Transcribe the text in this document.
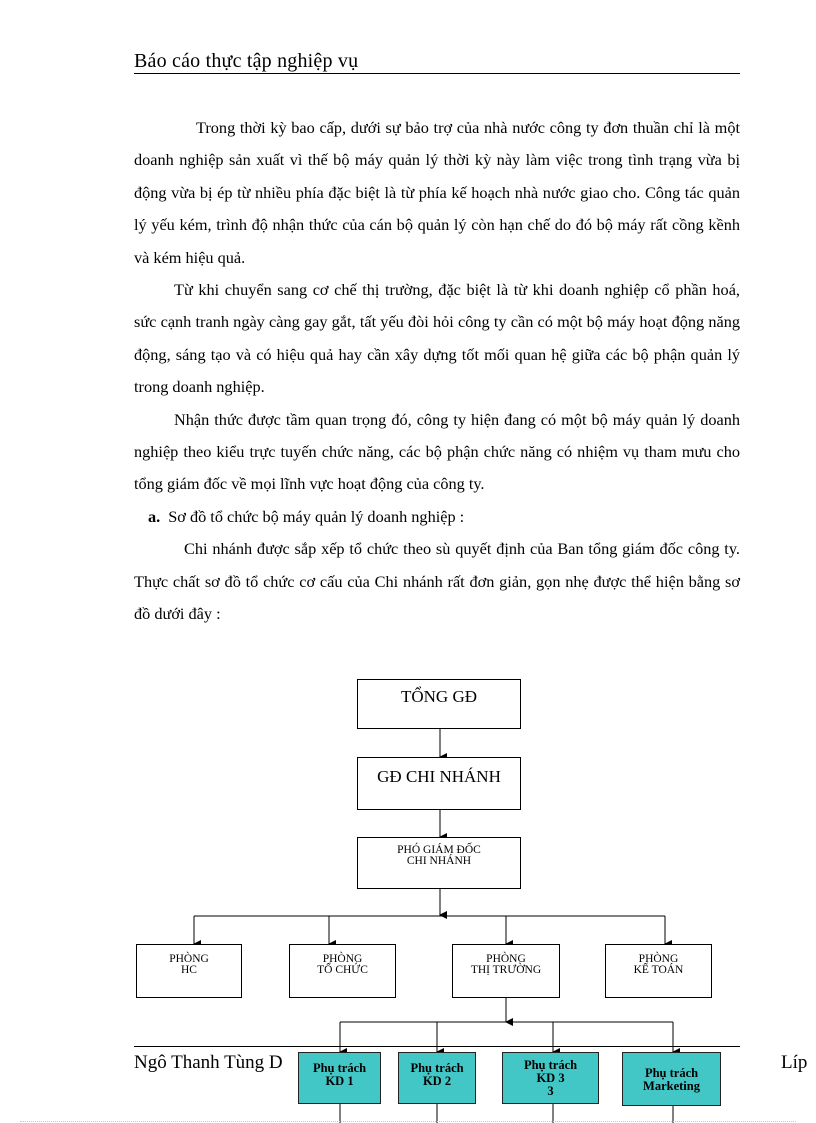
Báo cáo thực tập nghiệp vụ

Trong thời kỳ bao cấp, dưới sự bảo trợ của nhà nước công ty đơn thuần chỉ là một doanh nghiệp sản xuất vì thế bộ máy quản lý thời kỳ này làm việc trong tình trạng vừa bị động vừa bị ép từ nhiều phía đặc biệt là từ phía kế hoạch nhà nước giao cho. Công tác quản lý yếu kém, trình độ nhận thức của cán bộ quản lý còn hạn chế do đó bộ máy rất cồng kềnh và kém hiệu quả.

Từ khi chuyển sang cơ chế thị trường, đặc biệt là từ khi doanh nghiệp cổ phần hoá, sức cạnh tranh ngày càng gay gắt, tất yếu đòi hỏi công ty cần có một bộ máy hoạt động năng động, sáng tạo và có hiệu quả hay cần xây dựng tốt mối quan hệ giữa các bộ phận quản lý trong doanh nghiệp.

Nhận thức được tầm quan trọng đó, công ty hiện đang có một bộ máy quản lý doanh nghiệp theo kiểu trực tuyến chức năng, các bộ phận chức năng có nhiệm vụ tham mưu cho tổng giám đốc về mọi lĩnh vực hoạt động của công ty.

a. Sơ đồ tổ chức bộ máy quản lý doanh nghiệp :

Chi nhánh được sắp xếp tổ chức theo sù quyết định của Ban tổng giám đốc công ty. Thực chất sơ đồ tổ chức cơ cấu của Chi nhánh rất đơn giản, gọn nhẹ được thể hiện bằng sơ đồ dưới đây :

Ngô Thanh Tùng D	Líp
TỔNG GĐ
GĐ CHI NHÁNH
PHÓ GIÁM ĐỐC
CHI NHÁNH
PHÒNG
HC
PHÒNG
TỔ CHỨC
PHÒNG
THỊ TRƯỜNG
PHÒNG
KẾ TOÁN
Phụ trách
KD 1
Phụ trách
KD 2
Phụ trách
KD 3
3
Phụ trách
Marketing
